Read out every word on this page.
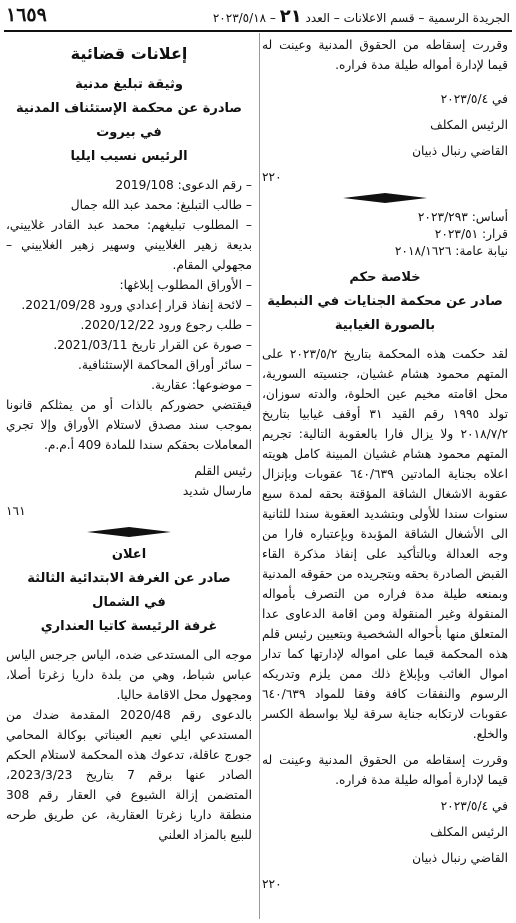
١٦٥٩	الجريدة الرسمية – قسم الاعلانات – العدد ٢١ – ٢٠٢٣/٥/١٨
وقررت إسقاطه من الحقوق المدنية وعينت له قيما لإدارة أمواله طيلة مدة فراره.
في ٢٠٢٣/٥/٤
الرئيس المكلف
القاضي رنبال ذبيان
٢٢٠
أساس: ٢٠٢٣/٢٩٣
قرار: ٢٠٢٣/٥١
نيابة عامة: ٢٠١٨/١٦٢٦
خلاصة حكم
صادر عن محكمة الجنايات في النبطية
بالصورة الغيابية
لقد حكمت هذه المحكمة بتاريخ ٢٠٢٣/٥/٢ على المتهم محمود هشام غشيان، جنسيته السورية، محل اقامته مخيم عين الحلوة، والدته سوزان، تولد ١٩٩٥ رقم القيد ٣١ أوقف غيابيا بتاريخ ٢٠١٨/٧/٢ ولا يزال فارا بالعقوبة التالية: تجريم المتهم محمود هشام غشيان المبينة كامل هويته اعلاه بجناية المادتين ٦٤٠/٦٣٩ عقوبات وبإنزال عقوبة الاشغال الشاقة المؤقتة بحقه لمدة سبع سنوات سندا للأولى وبتشديد العقوبة سندا للثانية الى الأشغال الشاقة المؤبدة وبإعتباره فارا من وجه العدالة وبالتأكيد على إنفاذ مذكرة القاء القبض الصادرة بحقه وبتجريده من حقوقه المدنية وبمنعه طيلة مدة فراره من التصرف بأمواله المنقولة وغير المنقولة ومن اقامة الدعاوى عدا المتعلق منها بأحواله الشخصية وبتعيين رئيس قلم هذه المحكمة قيما على امواله لإدارتها كما تدار اموال الغائب وبإبلاغ ذلك ممن يلزم وتدريكه الرسوم والنفقات كافة وفقا للمواد ٦٤٠/٦٣٩ عقوبات لارتكابه جناية سرقة ليلا بواسطة الكسر والخلع.
وقررت إسقاطه من الحقوق المدنية وعينت له قيما لإدارة أمواله طيلة مدة فراره.
في ٢٠٢٣/٥/٤
الرئيس المكلف
القاضي رنبال ذبيان
٢٢٠
إعلانات قضائية
وثيقة تبليغ مدنية
صادرة عن محكمة الإستئناف المدنية
في بيروت
الرئيس نسيب ايليا
– رقم الدعوى: 2019/108
– طالب التبليغ: محمد عبد الله جمال
– المطلوب تبليغهم: محمد عبد القادر غلاييني، بديعة زهير الغلاييني وسهير زهير الغلاييني – مجهولي المقام.
– الأوراق المطلوب إبلاغها:
– لائحة إنفاذ قرار إعدادي ورود 2021/09/28.
– طلب رجوع ورود 2020/12/22.
– صورة عن القرار تاريخ 2021/03/11.
– سائر أوراق المحاكمة الإستئنافية.
– موضوعها: عقارية.
فيقتضي حضوركم بالذات أو من يمثلكم قانونا بموجب سند مصدق لاستلام الأوراق وإلا تجري المعاملات بحقكم سندا للمادة 409 أ.م.م.
رئيس القلم
مارسال شديد
١٦١
اعلان
صادر عن الغرفة الابتدائية الثالثة
في الشمال
غرفة الرئيسة كاتيا العنداري
موجه الى المستدعى ضده، الياس جرجس الياس عباس شباط، وهي من بلدة داريا زغرتا أصلا، ومجهول محل الاقامة حاليا.
بالدعوى رقم 2020/48 المقدمة ضدك من المستدعي ايلي نعيم العيناتي بوكالة المحامي جورج عاقلة، تدعوك هذه المحكمة لاستلام الحكم الصادر عنها برقم 7 بتاريخ 2023/3/23، المتضمن إزالة الشيوع في العقار رقم 308 منطقة داريا زغرتا العقارية، عن طريق طرحه للبيع بالمزاد العلني
